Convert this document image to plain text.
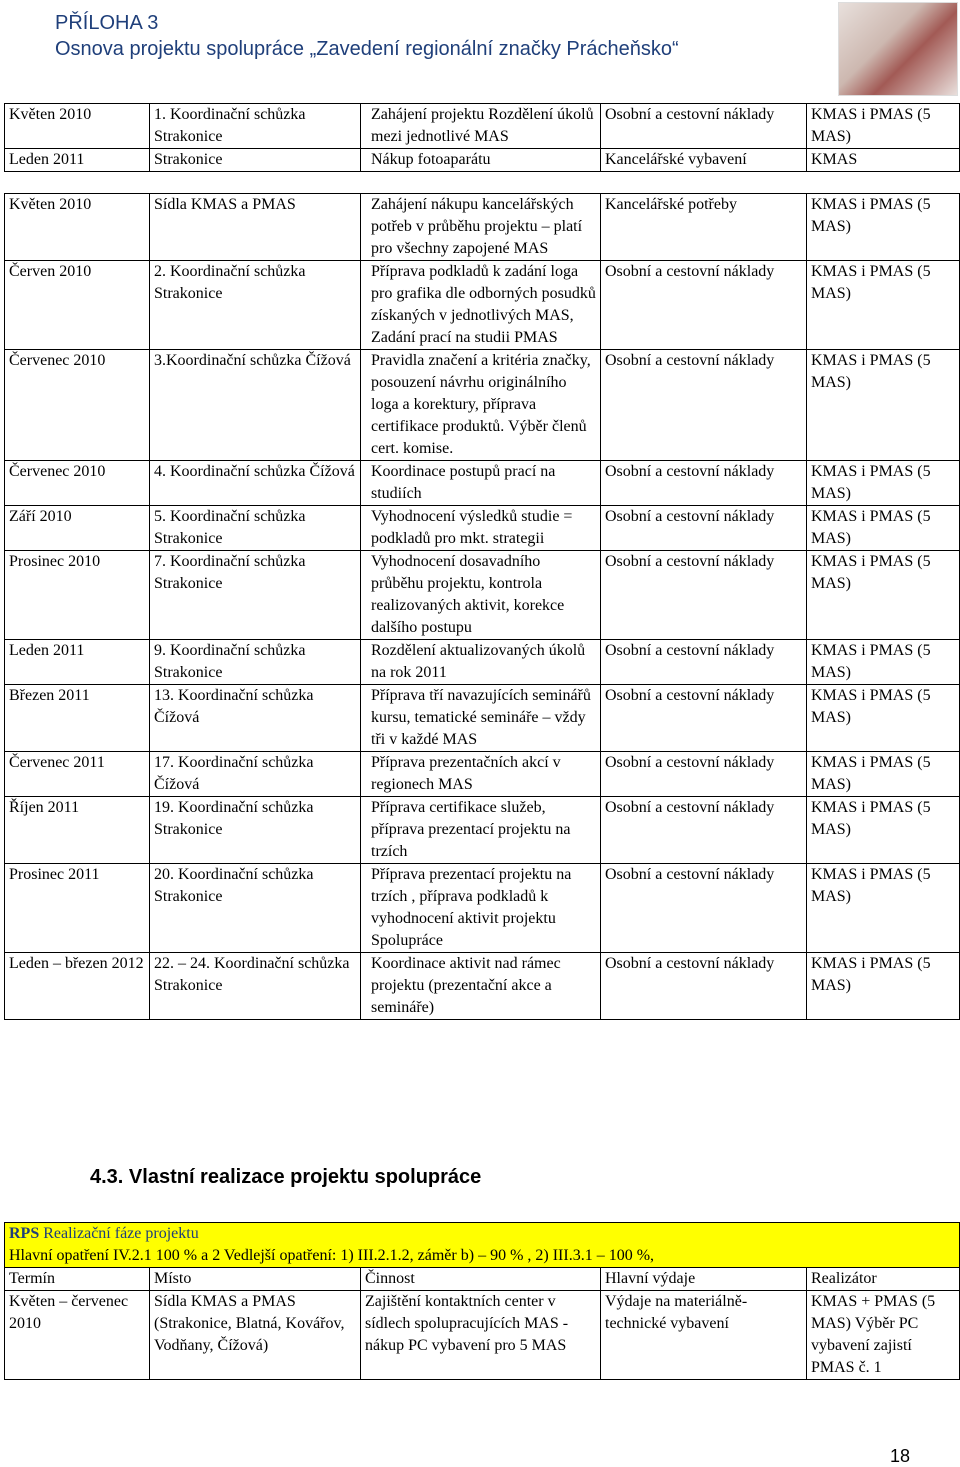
PŘÍLOHA 3
Osnova projektu spolupráce „Zavedení regionální značky Prácheňsko“
Květen 2010	1. Koordinační schůzka Strakonice	Zahájení projektu Rozdělení úkolů mezi jednotlivé MAS	Osobní a cestovní náklady	KMAS i PMAS (5 MAS)
Leden 2011	Strakonice	Nákup fotoaparátu	Kancelářské vybavení	KMAS
Květen 2010	Sídla KMAS a PMAS	Zahájení nákupu kancelářských potřeb v průběhu projektu – platí pro všechny zapojené MAS	Kancelářské potřeby	KMAS i PMAS (5 MAS)
Červen 2010	2. Koordinační schůzka Strakonice	Příprava podkladů k zadání loga pro grafika dle odborných posudků získaných v jednotlivých MAS, Zadání prací na studii PMAS	Osobní a cestovní náklady	KMAS i PMAS (5 MAS)
Červenec 2010	3.Koordinační schůzka Čížová	Pravidla značení a kritéria značky, posouzení návrhu originálního loga a korektury, příprava certifikace produktů. Výběr členů cert. komise.	Osobní a cestovní náklady	KMAS i PMAS (5 MAS)
Červenec 2010	4. Koordinační schůzka Čížová	Koordinace postupů prací na studiích	Osobní a cestovní náklady	KMAS i PMAS (5 MAS)
Září 2010	5. Koordinační schůzka Strakonice	Vyhodnocení výsledků studie = podkladů pro mkt. strategii	Osobní a cestovní náklady	KMAS i PMAS (5 MAS)
Prosinec 2010	7. Koordinační schůzka Strakonice	Vyhodnocení dosavadního průběhu projektu, kontrola realizovaných aktivit, korekce dalšího postupu	Osobní a cestovní náklady	KMAS i PMAS (5 MAS)
Leden 2011	9. Koordinační schůzka Strakonice	Rozdělení aktualizovaných úkolů na rok 2011	Osobní a cestovní náklady	KMAS i PMAS (5 MAS)
Březen 2011	13. Koordinační schůzka Čížová	Příprava tří navazujících seminářů kursu, tematické semináře – vždy tři v každé MAS	Osobní a cestovní náklady	KMAS i PMAS (5 MAS)
Červenec 2011	17. Koordinační schůzka Čížová	Příprava prezentačních akcí v regionech MAS	Osobní a cestovní náklady	KMAS i PMAS (5 MAS)
Říjen 2011	19. Koordinační schůzka Strakonice	Příprava certifikace služeb, příprava prezentací projektu na trzích	Osobní a cestovní náklady	KMAS i PMAS (5 MAS)
Prosinec 2011	20. Koordinační schůzka Strakonice	Příprava prezentací projektu na trzích , příprava podkladů k vyhodnocení aktivit projektu Spolupráce	Osobní a cestovní náklady	KMAS i PMAS (5 MAS)
Leden – březen 2012	22. – 24. Koordinační schůzka Strakonice	Koordinace aktivit nad rámec projektu (prezentační akce a semináře)	Osobní a cestovní náklady	KMAS i PMAS (5 MAS)
4.3. Vlastní realizace projektu spolupráce
RPS Realizační fáze projektu
Hlavní opatření IV.2.1 100 % a 2 Vedlejší opatření: 1) III.2.1.2, záměr b) – 90 % , 2) III.3.1 – 100 %,				
Termín	Místo	Činnost	Hlavní výdaje	Realizátor
Květen – červenec 2010	Sídla KMAS a PMAS (Strakonice, Blatná, Kovářov, Vodňany, Čížová)	Zajištění kontaktních center v sídlech spolupracujících MAS - nákup PC vybavení pro 5 MAS	Výdaje na materiálně-technické vybavení	KMAS + PMAS (5 MAS) Výběr PC vybavení zajistí PMAS č. 1
18
